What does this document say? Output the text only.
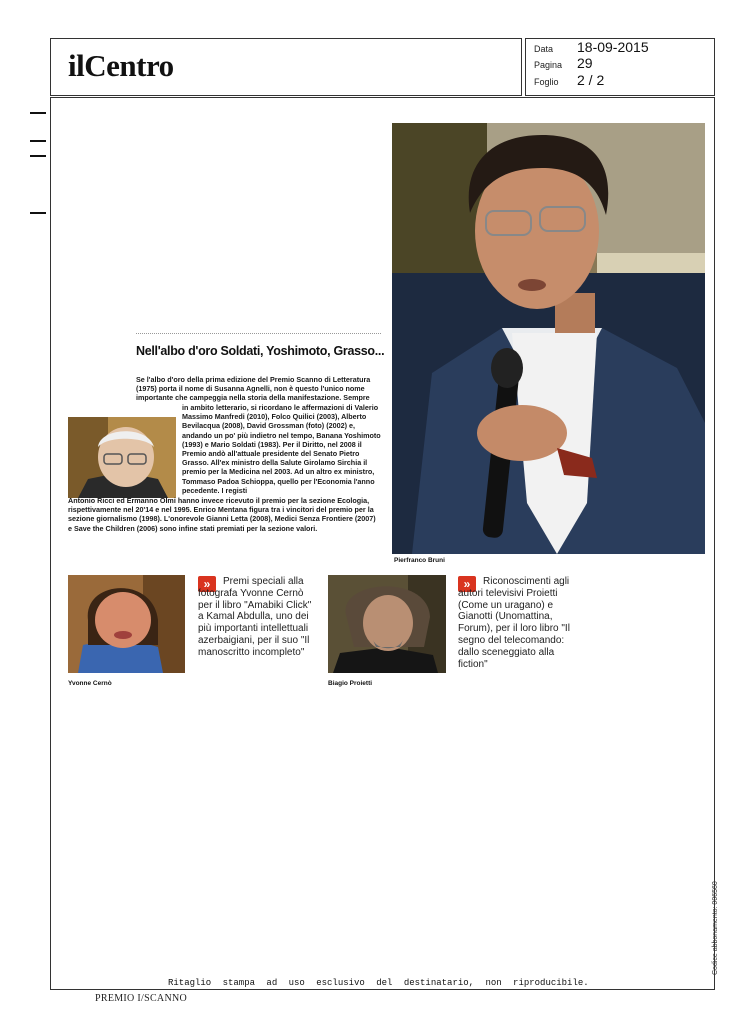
ilCentro	Data 18-09-2015
Pagina 29
Foglio 2 / 2
Pierfranco Bruni
Nell'albo d'oro Soldati, Yoshimoto, Grasso...
Se l'albo d'oro della prima edizione del Premio Scanno di Letteratura (1975) porta il nome di Susanna Agnelli, non è questo l'unico nome importante che campeggia nella storia della manifestazione. Sempre
in ambito letterario, si ricordano le affermazioni di Valerio Massimo Manfredi (2010), Folco Quilici (2003), Alberto Bevilacqua (2008), David Grossman (foto) (2002) e, andando un po' più indietro nel tempo, Banana Yoshimoto (1993) e Mario Soldati (1983). Per il Diritto, nel 2008 il Premio andò all'attuale presidente del Senato Pietro Grasso. All'ex ministro della Salute Girolamo Sirchia il premio per la Medicina nel 2003. Ad un altro ex ministro, Tommaso Padoa Schioppa, quello per l'Economia l'anno pecedente. I registi
Antonio Ricci ed Ermanno Olmi hanno invece ricevuto il premio per la sezione Ecologia, rispettivamente nel 20'14 e nel 1995. Enrico Mentana figura tra i vincitori del premio per la sezione giornalismo (1998). L'onorevole Gianni Letta (2008), Medici Senza Frontiere (2007) e Save the Children (2006) sono infine stati premiati per la sezione valori.
Yvonne Cernò
»	Premi speciali alla fotografa Yvonne Cernò per il libro "Amabiki Click" a Kamal Abdulla, uno dei più importanti intellettuali azerbaigiani, per il suo "Il manoscritto incompleto"
Biagio Proietti
»	Riconoscimenti agli autori televisivi Proietti (Come un uragano) e Gianotti (Unomattina, Forum), per il loro libro "Il segno del telecomando: dallo sceneggiato alla fiction"
Ritaglio stampa ad uso esclusivo del destinatario, non riproducibile.
PREMIO I/SCANNO
Codice abbonamento: 006560
